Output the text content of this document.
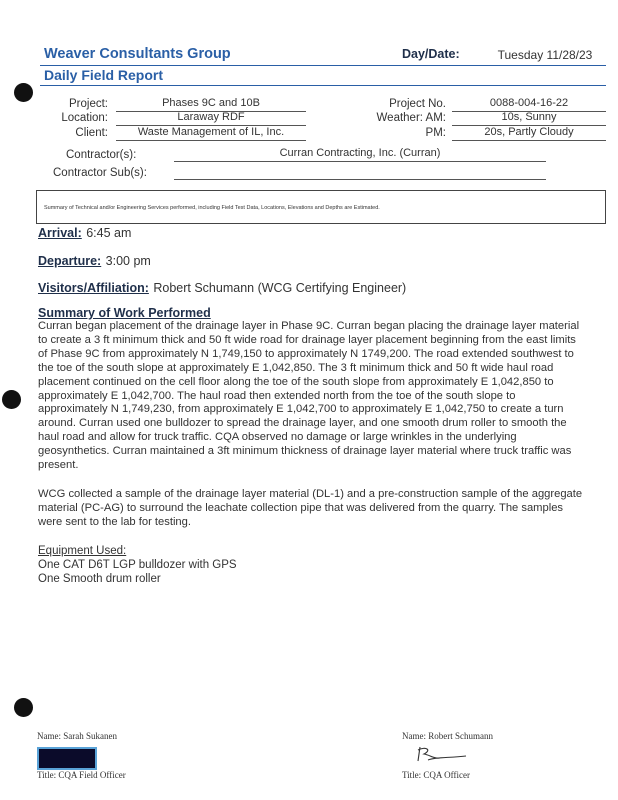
Weaver Consultants Group
Daily Field Report
Day/Date:	Tuesday 11/28/23
Project:	Phases 9C and 10B
Location:	Laraway RDF
Client:	Waste Management of IL, Inc.
Project No.	0088-004-16-22
Weather: AM:	10s, Sunny
PM:	20s, Partly Cloudy
Contractor(s):	Curran Contracting, Inc. (Curran)
Contractor Sub(s):
Summary of Technical and/or Engineering Services performed, including Field Test Data, Locations, Elevations and Depths are Estimated.
Arrival: 6:45 am
Departure: 3:00 pm
Visitors/Affiliation: Robert Schumann (WCG Certifying Engineer)
Summary of Work Performed

Curran began placement of the drainage layer in Phase 9C. Curran began placing the drainage layer material to create a 3 ft minimum thick and 50 ft wide road for drainage layer placement beginning from the east limits of Phase 9C from approximately N 1,749,150 to approximately N 1749,200. The road extended southwest to the toe of the south slope at approximately E 1,042,850. The 3 ft minimum thick and 50 ft wide haul road placement continued on the cell floor along the toe of the south slope from approximately E 1,042,850 to approximately E 1,042,700. The haul road then extended north from the toe of the south slope to approximately N 1,749,230, from approximately E 1,042,700 to approximately E 1,042,750 to create a turn around. Curran used one bulldozer to spread the drainage layer, and one smooth drum roller to smooth the haul road and allow for truck traffic. CQA observed no damage or large wrinkles in the underlying geosynthetics. Curran maintained a 3ft minimum thickness of drainage layer material where truck traffic was present.

WCG collected a sample of the drainage layer material (DL-1) and a pre-construction sample of the aggregate material (PC-AG) to surround the leachate collection pipe that was delivered from the quarry. The samples were sent to the lab for testing.

Equipment Used:
One CAT D6T LGP bulldozer with GPS
One Smooth drum roller
Name: Sarah Sukanen
Title: CQA Field Officer
Name: Robert Schumann
Title: CQA Officer
